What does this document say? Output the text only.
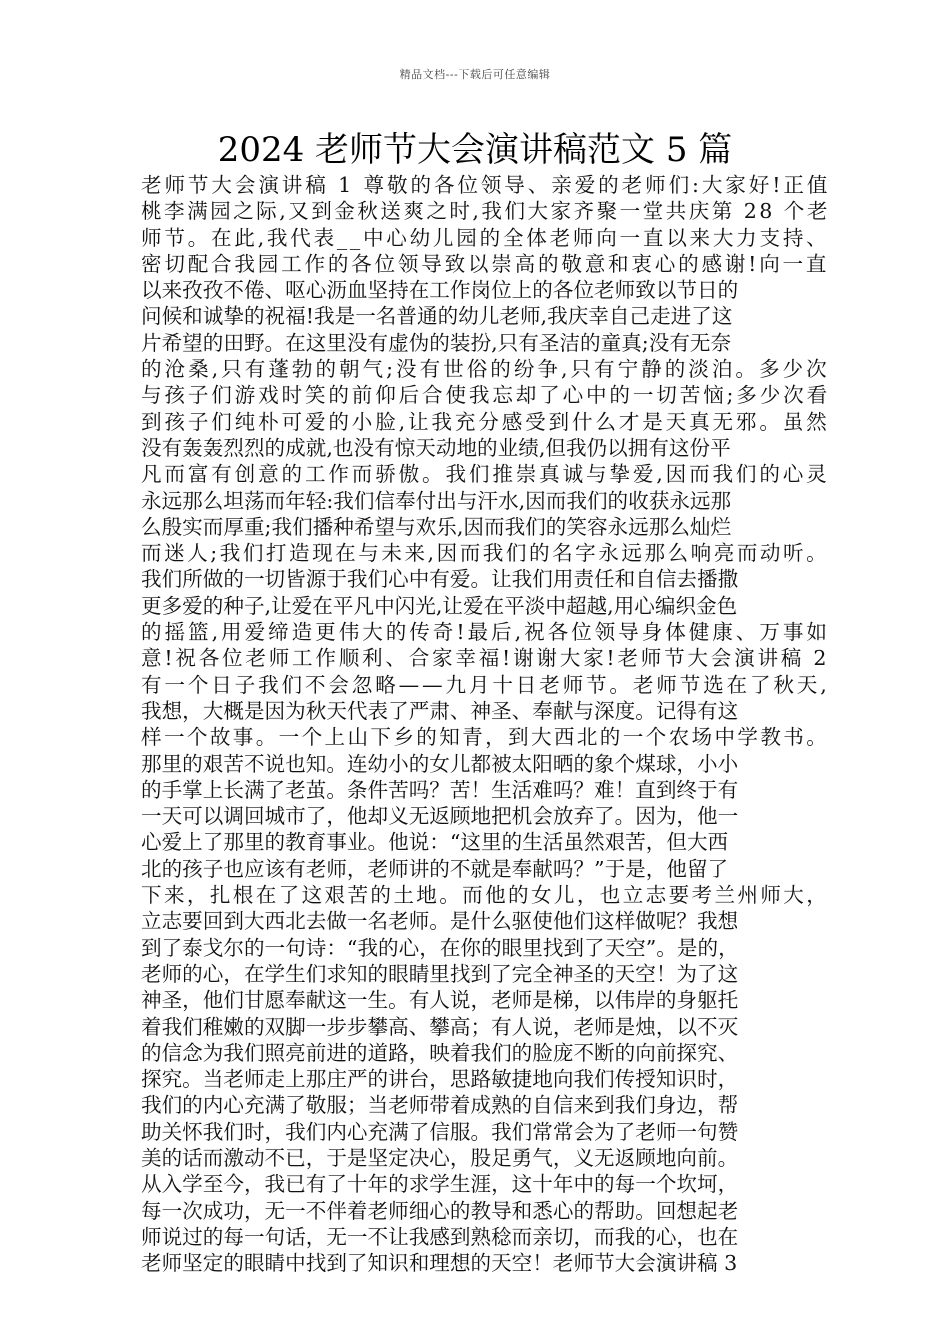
精品文档---下载后可任意编辑
2024 老师节大会演讲稿范文 5 篇
老师节大会演讲稿 1 尊敬的各位领导、亲爱的老师们:大家好!正值
桃李满园之际,又到金秋送爽之时,我们大家齐聚一堂共庆第 28 个老
师节。在此,我代表__中心幼儿园的全体老师向一直以来大力支持、
密切配合我园工作的各位领导致以崇高的敬意和衷心的感谢!向一直
以来孜孜不倦、呕心沥血坚持在工作岗位上的各位老师致以节日的
问候和诚挚的祝福!我是一名普通的幼儿老师,我庆幸自己走进了这
片希望的田野。在这里没有虚伪的装扮,只有圣洁的童真;没有无奈
的沧桑,只有蓬勃的朝气;没有世俗的纷争,只有宁静的淡泊。多少次
与孩子们游戏时笑的前仰后合使我忘却了心中的一切苦恼;多少次看
到孩子们纯朴可爱的小脸,让我充分感受到什么才是天真无邪。虽然
没有轰轰烈烈的成就,也没有惊天动地的业绩,但我仍以拥有这份平
凡而富有创意的工作而骄傲。我们推崇真诚与挚爱,因而我们的心灵
永远那么坦荡而年轻:我们信奉付出与汗水,因而我们的收获永远那
么殷实而厚重;我们播种希望与欢乐,因而我们的笑容永远那么灿烂
而迷人;我们打造现在与未来,因而我们的名字永远那么响亮而动听。
我们所做的一切皆源于我们心中有爱。让我们用责任和自信去播撒
更多爱的种子,让爱在平凡中闪光,让爱在平淡中超越,用心编织金色
的摇篮,用爱缔造更伟大的传奇!最后,祝各位领导身体健康、万事如
意!祝各位老师工作顺利、合家幸福!谢谢大家!老师节大会演讲稿 2
有一个日子我们不会忽略——九月十日老师节。老师节选在了秋天,
我想，大概是因为秋天代表了严肃、神圣、奉献与深度。记得有这
样一个故事。一个上山下乡的知青，到大西北的一个农场中学教书。
那里的艰苦不说也知。连幼小的女儿都被太阳晒的象个煤球，小小
的手掌上长满了老茧。条件苦吗？苦！生活难吗？难！直到终于有
一天可以调回城市了，他却义无返顾地把机会放弃了。因为，他一
心爱上了那里的教育事业。他说：“这里的生活虽然艰苦，但大西
北的孩子也应该有老师，老师讲的不就是奉献吗？”于是，他留了
下来，扎根在了这艰苦的土地。而他的女儿，也立志要考兰州师大，
立志要回到大西北去做一名老师。是什么驱使他们这样做呢？我想
到了泰戈尔的一句诗：“我的心，在你的眼里找到了天空”。是的，
老师的心，在学生们求知的眼睛里找到了完全神圣的天空！为了这
神圣，他们甘愿奉献这一生。有人说，老师是梯，以伟岸的身躯托
着我们稚嫩的双脚一步步攀高、攀高；有人说，老师是烛，以不灭
的信念为我们照亮前进的道路，映着我们的脸庞不断的向前探究、
探究。当老师走上那庄严的讲台，思路敏捷地向我们传授知识时，
我们的内心充满了敬服；当老师带着成熟的自信来到我们身边，帮
助关怀我们时，我们内心充满了信服。我们常常会为了老师一句赞
美的话而激动不已，于是坚定决心，股足勇气，义无返顾地向前。
从入学至今，我已有了十年的求学生涯，这十年中的每一个坎坷，
每一次成功，无一不伴着老师细心的教导和悉心的帮助。回想起老
师说过的每一句话，无一不让我感到熟稔而亲切，而我的心，也在
老师坚定的眼睛中找到了知识和理想的天空！老师节大会演讲稿 3
